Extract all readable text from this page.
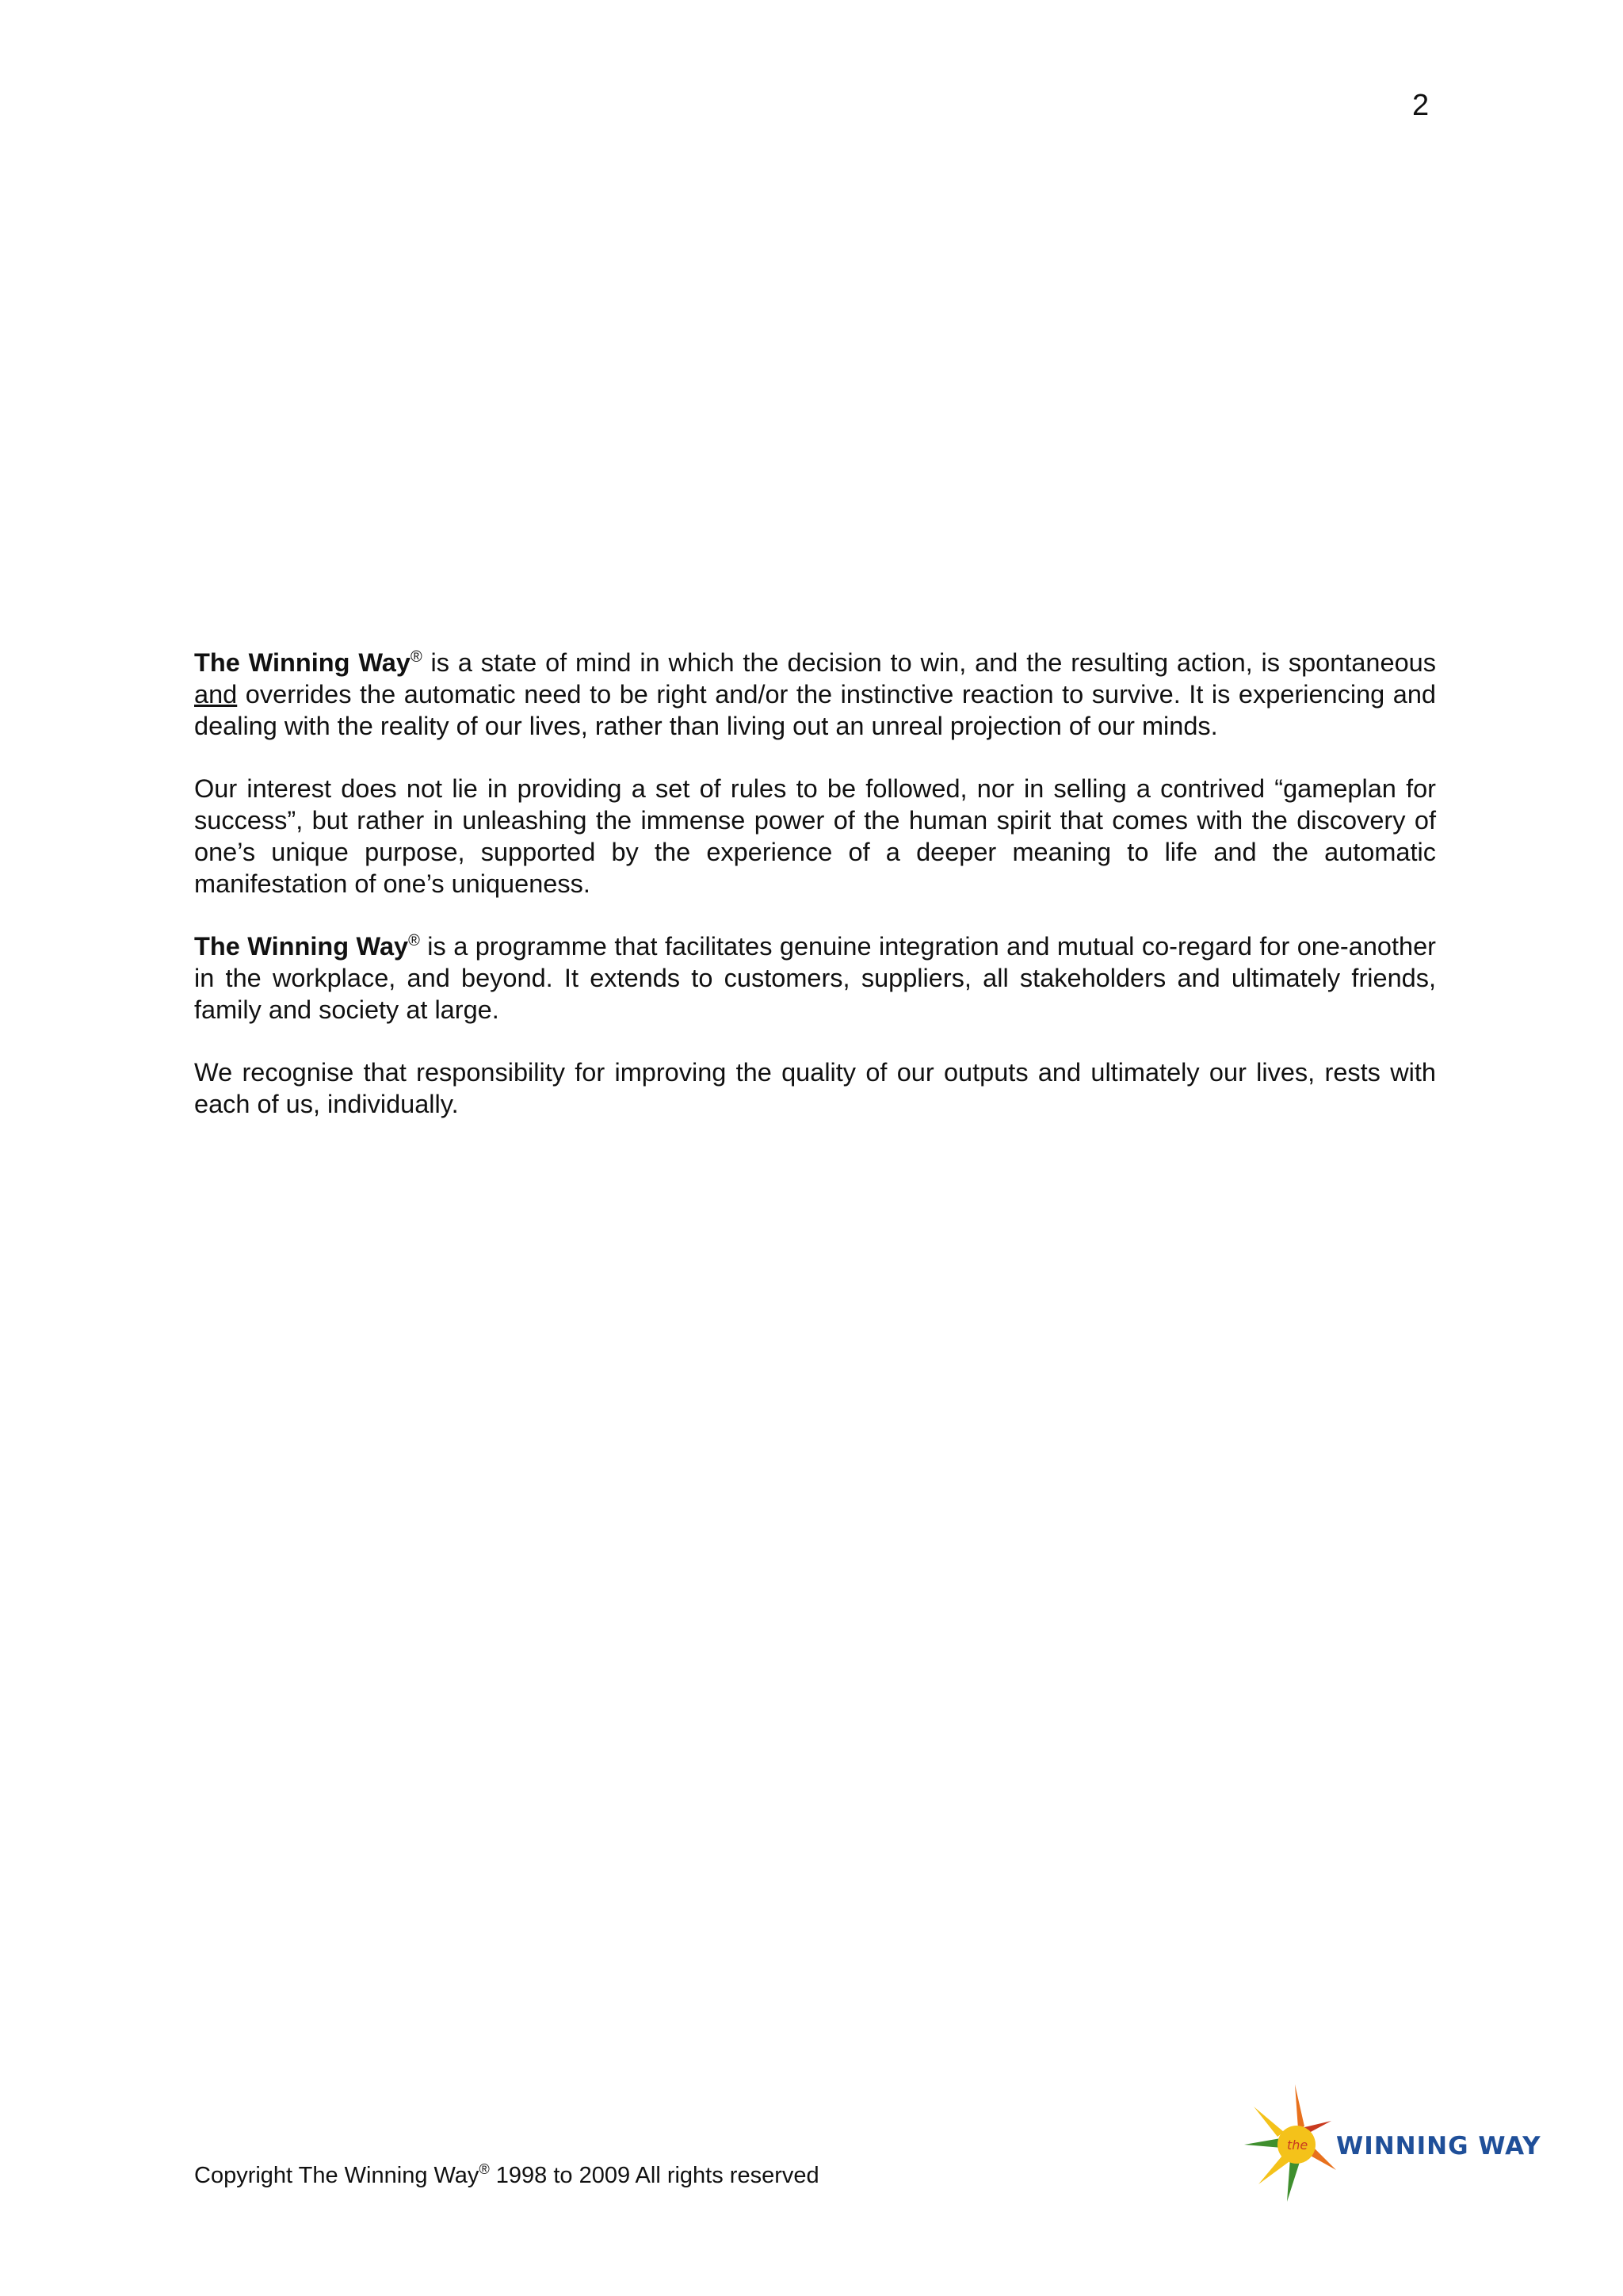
2

The Winning Way® is a state of mind in which the decision to win, and the resulting action, is spontaneous and overrides the automatic need to be right and/or the instinctive reaction to survive. It is experiencing and dealing with the reality of our lives, rather than living out an unreal projection of our minds.

Our interest does not lie in providing a set of rules to be followed, nor in selling a contrived “gameplan for success”, but rather in unleashing the immense power of the human spirit that comes with the discovery of one’s unique purpose, supported by the experience of a deeper meaning to life and the automatic manifestation of one’s uniqueness.

The Winning Way® is a programme that facilitates genuine integration and mutual co-regard for one-another in the workplace, and beyond. It extends to customers, suppliers, all stakeholders and ultimately friends, family and society at large.

We recognise that responsibility for improving the quality of our outputs and ultimately our lives, rests with each of us, individually.

Copyright The Winning Way® 1998 to 2009 All rights reserved
the WINNING WAY
